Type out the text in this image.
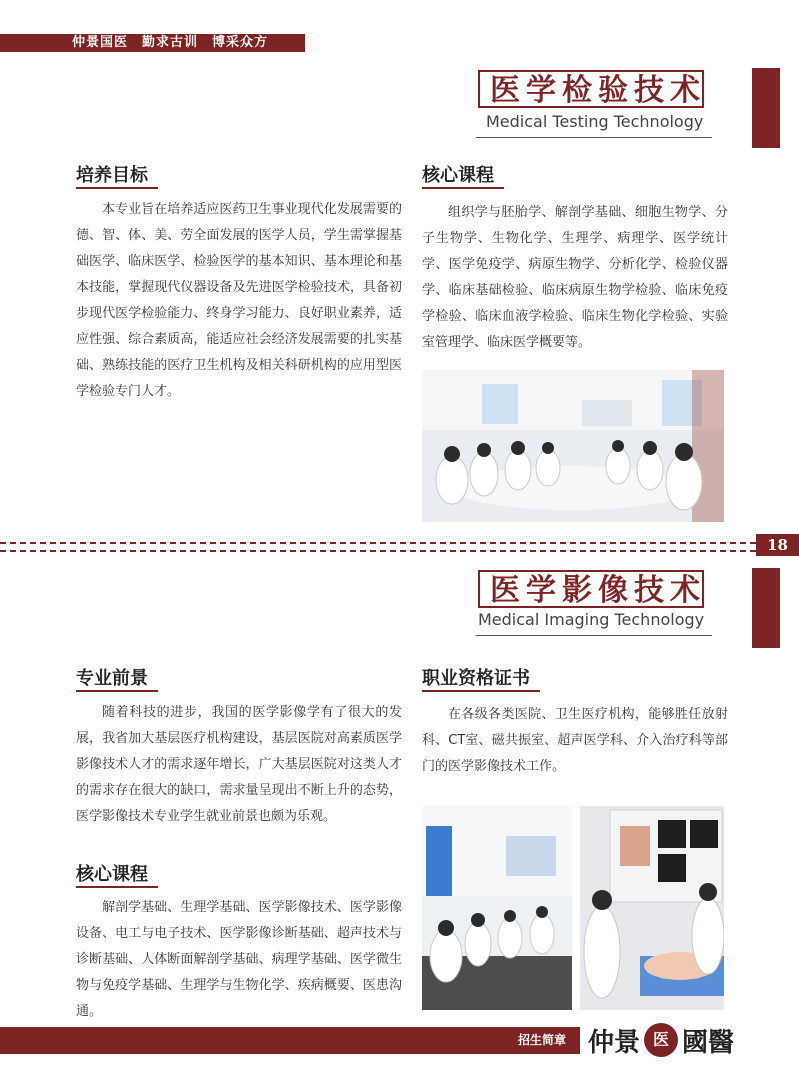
仲景国医 勤求古训 博采众方
医学检验技术
Medical Testing Technology
培养目标
本专业旨在培养适应医药卫生事业现代化发展需要的德、智、体、美、劳全面发展的医学人员，学生需掌握基础医学、临床医学、检验医学的基本知识、基本理论和基本技能，掌握现代仪器设备及先进医学检验技术，具备初步现代医学检验能力、终身学习能力、良好职业素养，适应性强、综合素质高，能适应社会经济发展需要的扎实基础、熟练技能的医疗卫生机构及相关科研机构的应用型医学检验专门人才。
核心课程
组织学与胚胎学、解剖学基础、细胞生物学、分子生物学、生物化学、生理学、病理学、医学统计学、医学免疫学、病原生物学、分析化学、检验仪器学、临床基础检验、临床病原生物学检验、临床免疫学检验、临床血液学检验、临床生物化学检验、实验室管理学、临床医学概要等。
18
医学影像技术
Medical Imaging Technology
专业前景
随着科技的进步，我国的医学影像学有了很大的发展，我省加大基层医疗机构建设，基层医院对高素质医学影像技术人才的需求逐年增长，广大基层医院对这类人才的需求存在很大的缺口，需求量呈现出不断上升的态势，医学影像技术专业学生就业前景也颇为乐观。
核心课程
解剖学基础、生理学基础、医学影像技术、医学影像设备、电工与电子技术、医学影像诊断基础、超声技术与诊断基础、人体断面解剖学基础、病理学基础、医学微生物与免疫学基础、生理学与生物化学、疾病概要、医患沟通。
职业资格证书
在各级各类医院、卫生医疗机构，能够胜任放射科、CT室、磁共振室、超声医学科、介入治疗科等部门的医学影像技术工作。
招生简章 仲景 医 國醫
